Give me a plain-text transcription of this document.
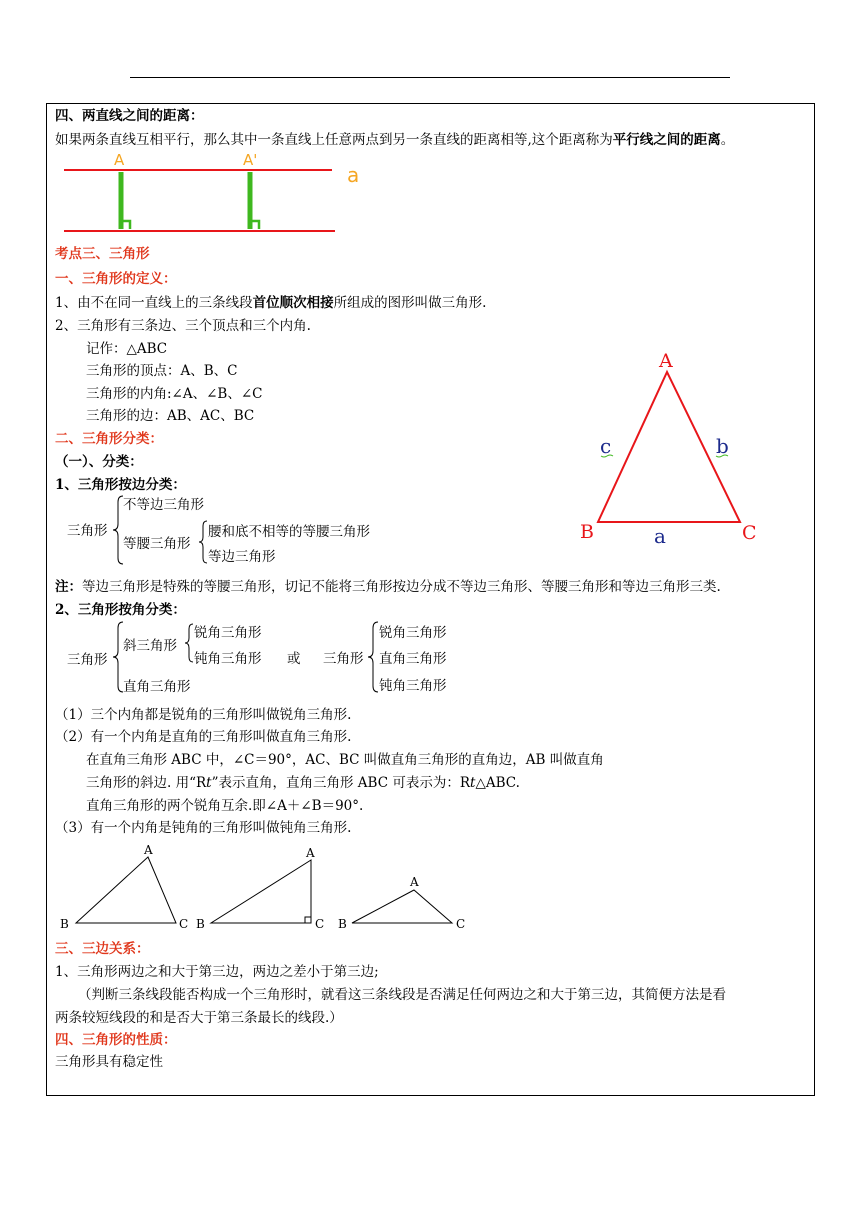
四、两直线之间的距离：
如果两条直线互相平行，那么其中一条直线上任意两点到另一条直线的距离相等,这个距离称为平行线之间的距离。
A	A'
a
考点三、三角形
一、三角形的定义：
1、由不在同一直线上的三条线段首位顺次相接所组成的图形叫做三角形.
2、三角形有三条边、三个顶点和三个内角.
记作：△ABC
三角形的顶点：A、B、C
三角形的内角:∠A、∠B、∠C
三角形的边：AB、AC、BC
A
B	C
a
b
c
二、三角形分类：
（一）、分类：
1、三角形按边分类：
三角形
不等边三角形
等腰三角形
腰和底不相等的等腰三角形
等边三角形
注：等边三角形是特殊的等腰三角形，切记不能将三角形按边分成不等边三角形、等腰三角形和等边三角形三类.
2、三角形按角分类：
三角形
斜三角形
锐角三角形
钝角三角形
直角三角形
或 三角形
锐角三角形
直角三角形
钝角三角形
（1）三个内角都是锐角的三角形叫做锐角三角形.
（2）有一个内角是直角的三角形叫做直角三角形.
在直角三角形 ABC 中，∠C＝90°，AC、BC 叫做直角三角形的直角边，AB 叫做直角
三角形的斜边. 用“Rt”表示直角，直角三角形 ABC 可表示为：Rt△ABC.
直角三角形的两个锐角互余.即∠A＋∠B＝90°.
（3）有一个内角是钝角的三角形叫做钝角三角形.
A
B	C
A
B	C
A
B	C
三、三边关系：
1、三角形两边之和大于第三边，两边之差小于第三边;
（判断三条线段能否构成一个三角形时，就看这三条线段是否满足任何两边之和大于第三边，其简便方法是看
两条较短线段的和是否大于第三条最长的线段.）
四、三角形的性质：
三角形具有稳定性
